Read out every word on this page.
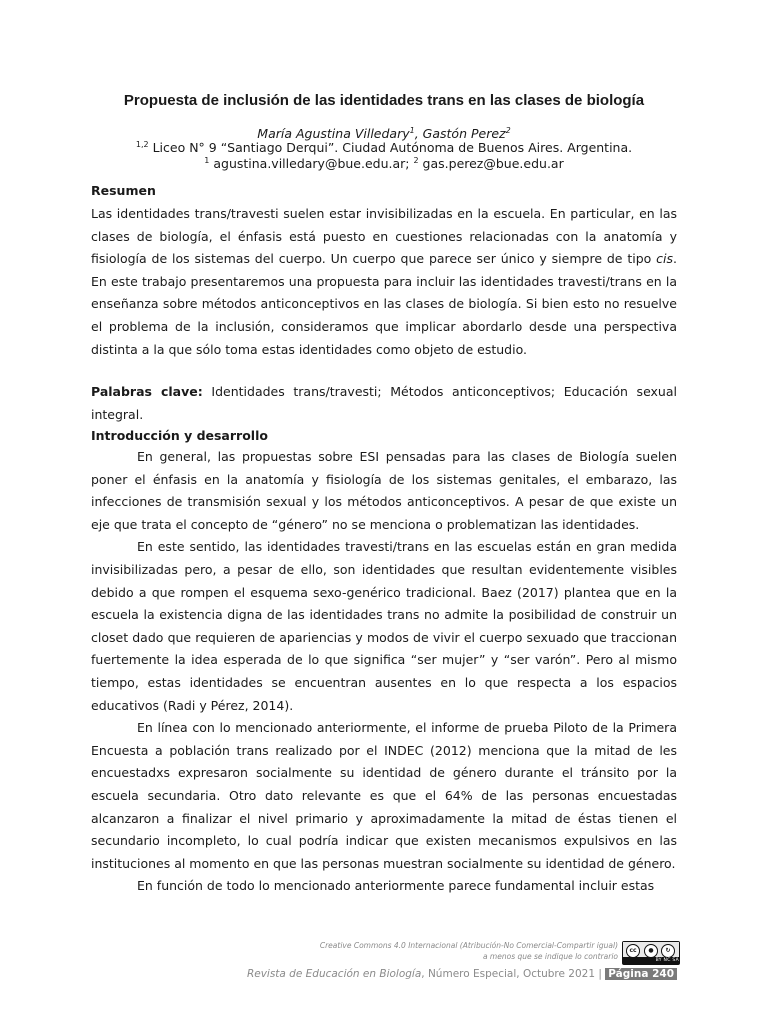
Propuesta de inclusión de las identidades trans en las clases de biología
María Agustina Villedary$^1$, Gastón Perez$^2$
$^{1,2}$ Liceo N° 9 “Santiago Derqui”. Ciudad Autónoma de Buenos Aires. Argentina.
$^1$ agustina.villedary@bue.edu.ar; $^2$ gas.perez@bue.edu.ar
Resumen

Las identidades trans/travesti suelen estar invisibilizadas en la escuela. En particular, en las clases de biología, el énfasis está puesto en cuestiones relacionadas con la anatomía y fisiología de los sistemas del cuerpo. Un cuerpo que parece ser único y siempre de tipo cis. En este trabajo presentaremos una propuesta para incluir las identidades travesti/trans en la enseñanza sobre métodos anticonceptivos en las clases de biología. Si bien esto no resuelve el problema de la inclusión, consideramos que implicar abordarlo desde una perspectiva distinta a la que sólo toma estas identidades como objeto de estudio.

Palabras clave: Identidades trans/travesti; Métodos anticonceptivos; Educación sexual integral.

Introducción y desarrollo

En general, las propuestas sobre ESI pensadas para las clases de Biología suelen poner el énfasis en la anatomía y fisiología de los sistemas genitales, el embarazo, las infecciones de transmisión sexual y los métodos anticonceptivos. A pesar de que existe un eje que trata el concepto de “género” no se menciona o problematizan las identidades.

En este sentido, las identidades travesti/trans en las escuelas están en gran medida invisibilizadas pero, a pesar de ello, son identidades que resultan evidentemente visibles debido a que rompen el esquema sexo-genérico tradicional. Baez (2017) plantea que en la escuela la existencia digna de las identidades trans no admite la posibilidad de construir un closet dado que requieren de apariencias y modos de vivir el cuerpo sexuado que traccionan fuertemente la idea esperada de lo que significa “ser mujer” y “ser varón”. Pero al mismo tiempo, estas identidades se encuentran ausentes en lo que respecta a los espacios educativos (Radi y Pérez, 2014).

En línea con lo mencionado anteriormente, el informe de prueba Piloto de la Primera Encuesta a población trans realizado por el INDEC (2012) menciona que la mitad de les encuestadxs expresaron socialmente su identidad de género durante el tránsito por la escuela secundaria. Otro dato relevante es que el 64% de las personas encuestadas alcanzaron a finalizar el nivel primario y aproximadamente la mitad de éstas tienen el secundario incompleto, lo cual podría indicar que existen mecanismos expulsivos en las instituciones al momento en que las personas muestran socialmente su identidad de género.

En función de todo lo mencionado anteriormente parece fundamental incluir estas

Creative Commons 4.0 Internacional (Atribución-No Comercial-Compartir igual)
a menos que se indique lo contrario
cc	●	↻
BY NC SA
Revista de Educación en Biología, Número Especial, Octubre 2021 | Página 240
